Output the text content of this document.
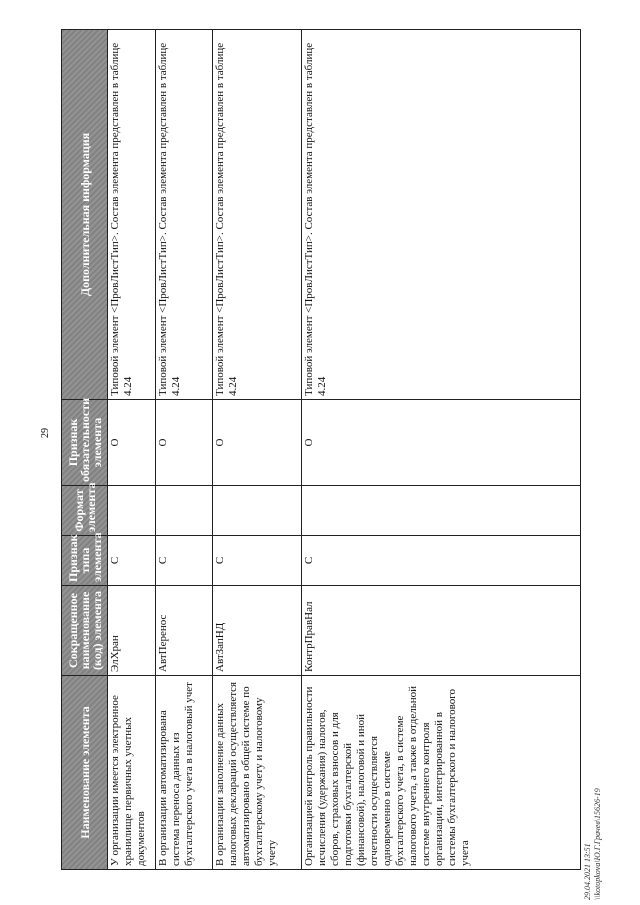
29
Наименование элемента	Сокращенное наименование (код) элемента	Признак типа элемента	Формат элемента	Признак обязательности элемента	Дополнительная информация
У организации имеется электронное хранилище первичных учетных документов	ЭлХран	С		О	Типовой элемент <ПровЛистТип>. Состав элемента представлен в таблице 4.24
В организации автоматизирована система переноса данных из бухгалтерского учета в налоговый учет	АвтПеренос	С		О	Типовой элемент <ПровЛистТип>. Состав элемента представлен в таблице 4.24
В организации заполнение данных налоговых деклараций осуществляется автоматизировано в общей системе по бухгалтерскому учету и налоговому учету	АвтЗапНД	С		О	Типовой элемент <ПровЛистТип>. Состав элемента представлен в таблице 4.24
Организацией контроль правильности исчисления (удержания) налогов, сборов, страховых взносов и для подготовки бухгалтерской (финансовой), налоговой и иной отчетности осуществляется одновременно в системе бухгалтерского учета, в системе налогового учета, а также в отдельной системе внутреннего контроля организации, интегрированной в системы бухгалтерского и налогового учета	КонтрПравНал	С		О	Типовой элемент <ПровЛистТип>. Состав элемента представлен в таблице 4.24
29.04.2021 13:51 \\kotopkova\Ю.Г.Грачев\15626-19
